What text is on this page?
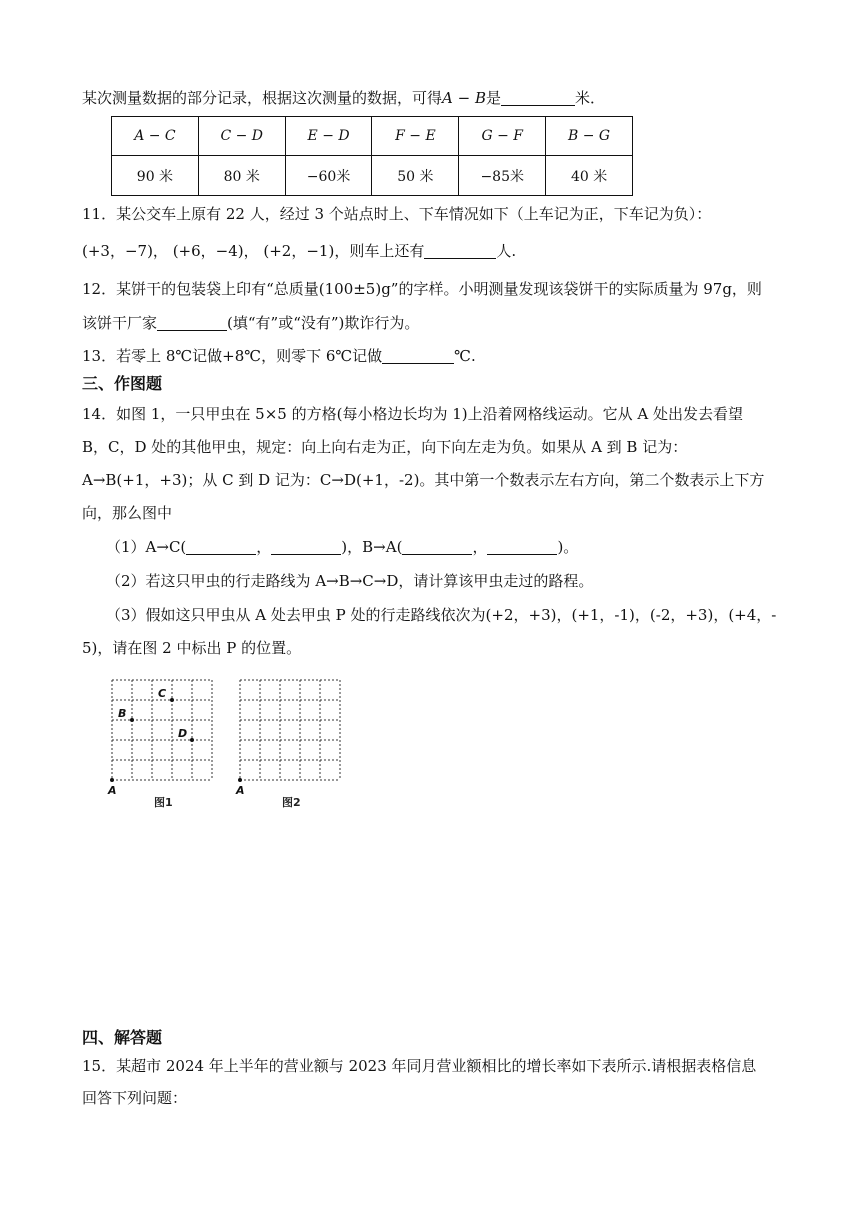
某次测量数据的部分记录，根据这次测量的数据，可得A − B是	米．
A − C	C − D	E − D	F − E	G − F	B − G
90 米	80 米	−60米	50 米	−85米	40 米
11．某公交车上原有 22 人，经过 3 个站点时上、下车情况如下（上车记为正，下车记为负）：
(+3，−7)， (+6，−4)， (+2，−1)，则车上还有	人.
12．某饼干的包装袋上印有“总质量(100±5)g”的字样。小明测量发现该袋饼干的实际质量为 97g，则
该饼干厂家	(填“有”或“没有”)欺诈行为。
13．若零上 8℃记做+8℃，则零下 6℃记做	℃.
三、作图题
14．如图 1，一只甲虫在 5×5 的方格(每小格边长均为 1)上沿着网格线运动。它从 A 处出发去看望
B，C，D 处的其他甲虫，规定：向上向右走为正，向下向左走为负。如果从 A 到 B 记为：
A→B(+1，+3)；从 C 到 D 记为：C→D(+1，-2)。其中第一个数表示左右方向，第二个数表示上下方
向，那么图中
（1）A→C(	，	)，B→A(	，	)。
（2）若这只甲虫的行走路线为 A→B→C→D，请计算该甲虫走过的路程。
（3）假如这只甲虫从 A 处去甲虫 P 处的行走路线依次为(+2，+3)，(+1，-1)，(-2，+3)，(+4，-
5)，请在图 2 中标出 P 的位置。
A
B
C
D
图1
A
图2
四、解答题
15．某超市 2024 年上半年的营业额与 2023 年同月营业额相比的增长率如下表所示.请根据表格信息
回答下列问题：
